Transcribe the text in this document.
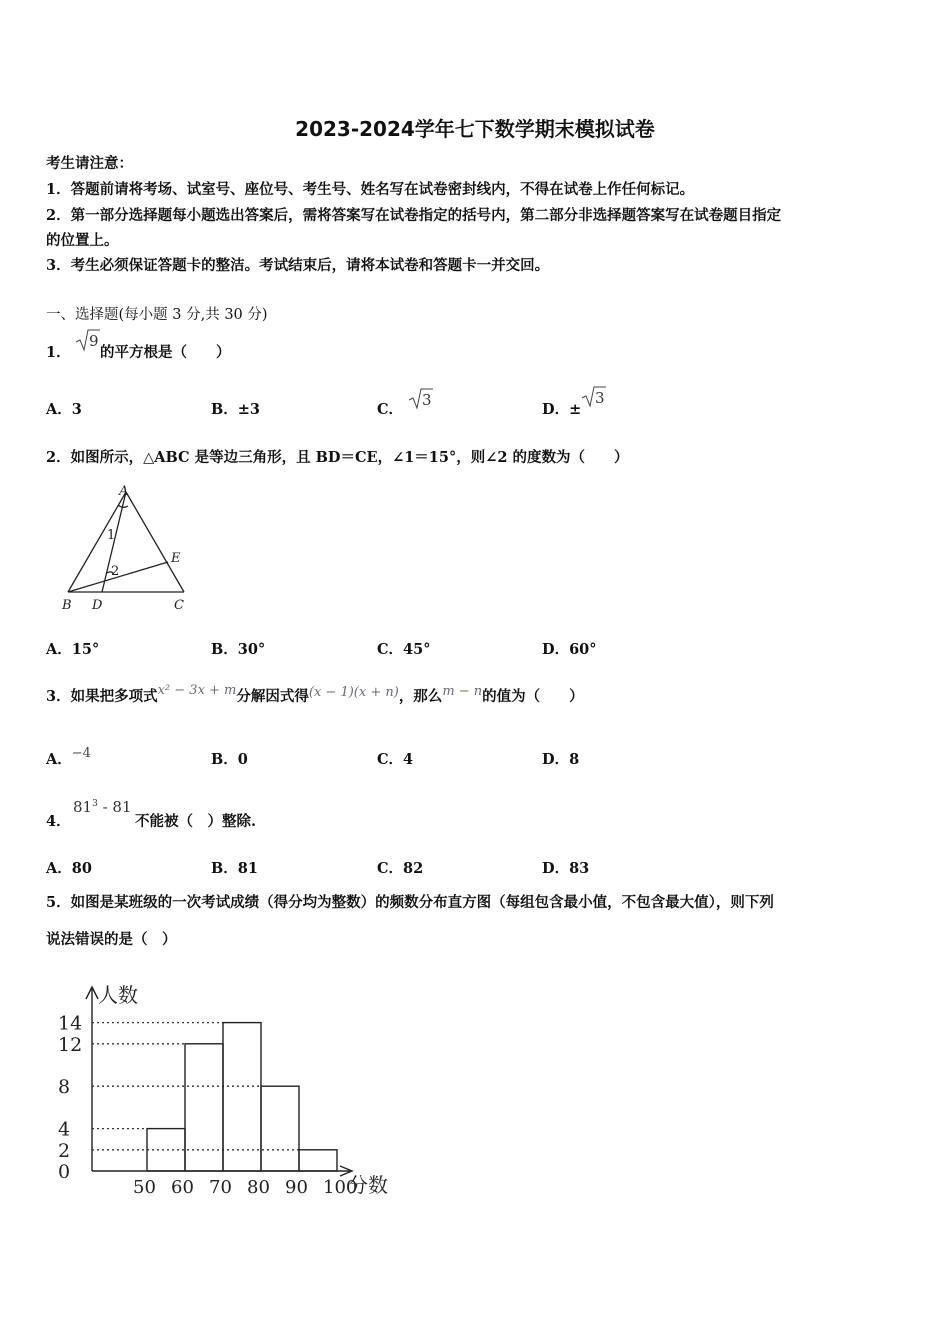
2023-2024学年七下数学期末模拟试卷
考生请注意：
1．答题前请将考场、试室号、座位号、考生号、姓名写在试卷密封线内，不得在试卷上作任何标记。
2．第一部分选择题每小题选出答案后，需将答案写在试卷指定的括号内，第二部分非选择题答案写在试卷题目指定
的位置上。
3．考生必须保证答题卡的整洁。考试结束后，请将本试卷和答题卡一并交回。
一、选择题(每小题 3 分,共 30 分)
1．
9
的平方根是（　　）
A．3	B．±3	C．
3
D．±
3
2．如图所示，△ABC 是等边三角形，且 BD＝CE，∠1＝15°，则∠2 的度数为（　　）
A
B	C
D
E
1
2
A．15°	B．30°	C．45°	D．60°
3．如果把多项式x² − 3x + m分解因式得(x − 1)(x + n)，那么m − n的值为（　　）
A．−4	B．0	C．4	D．8
4．
$81^3 - 81$
不能被（　）整除.
A．80	B．81	C．82	D．83
5．如图是某班级的一次考试成绩（得分均为整数）的频数分布直方图（每组包含最小值，不包含最大值），则下列
说法错误的是（　）
人数
分数
14
12
8
4
2
0
50 60 70 80 90 100
